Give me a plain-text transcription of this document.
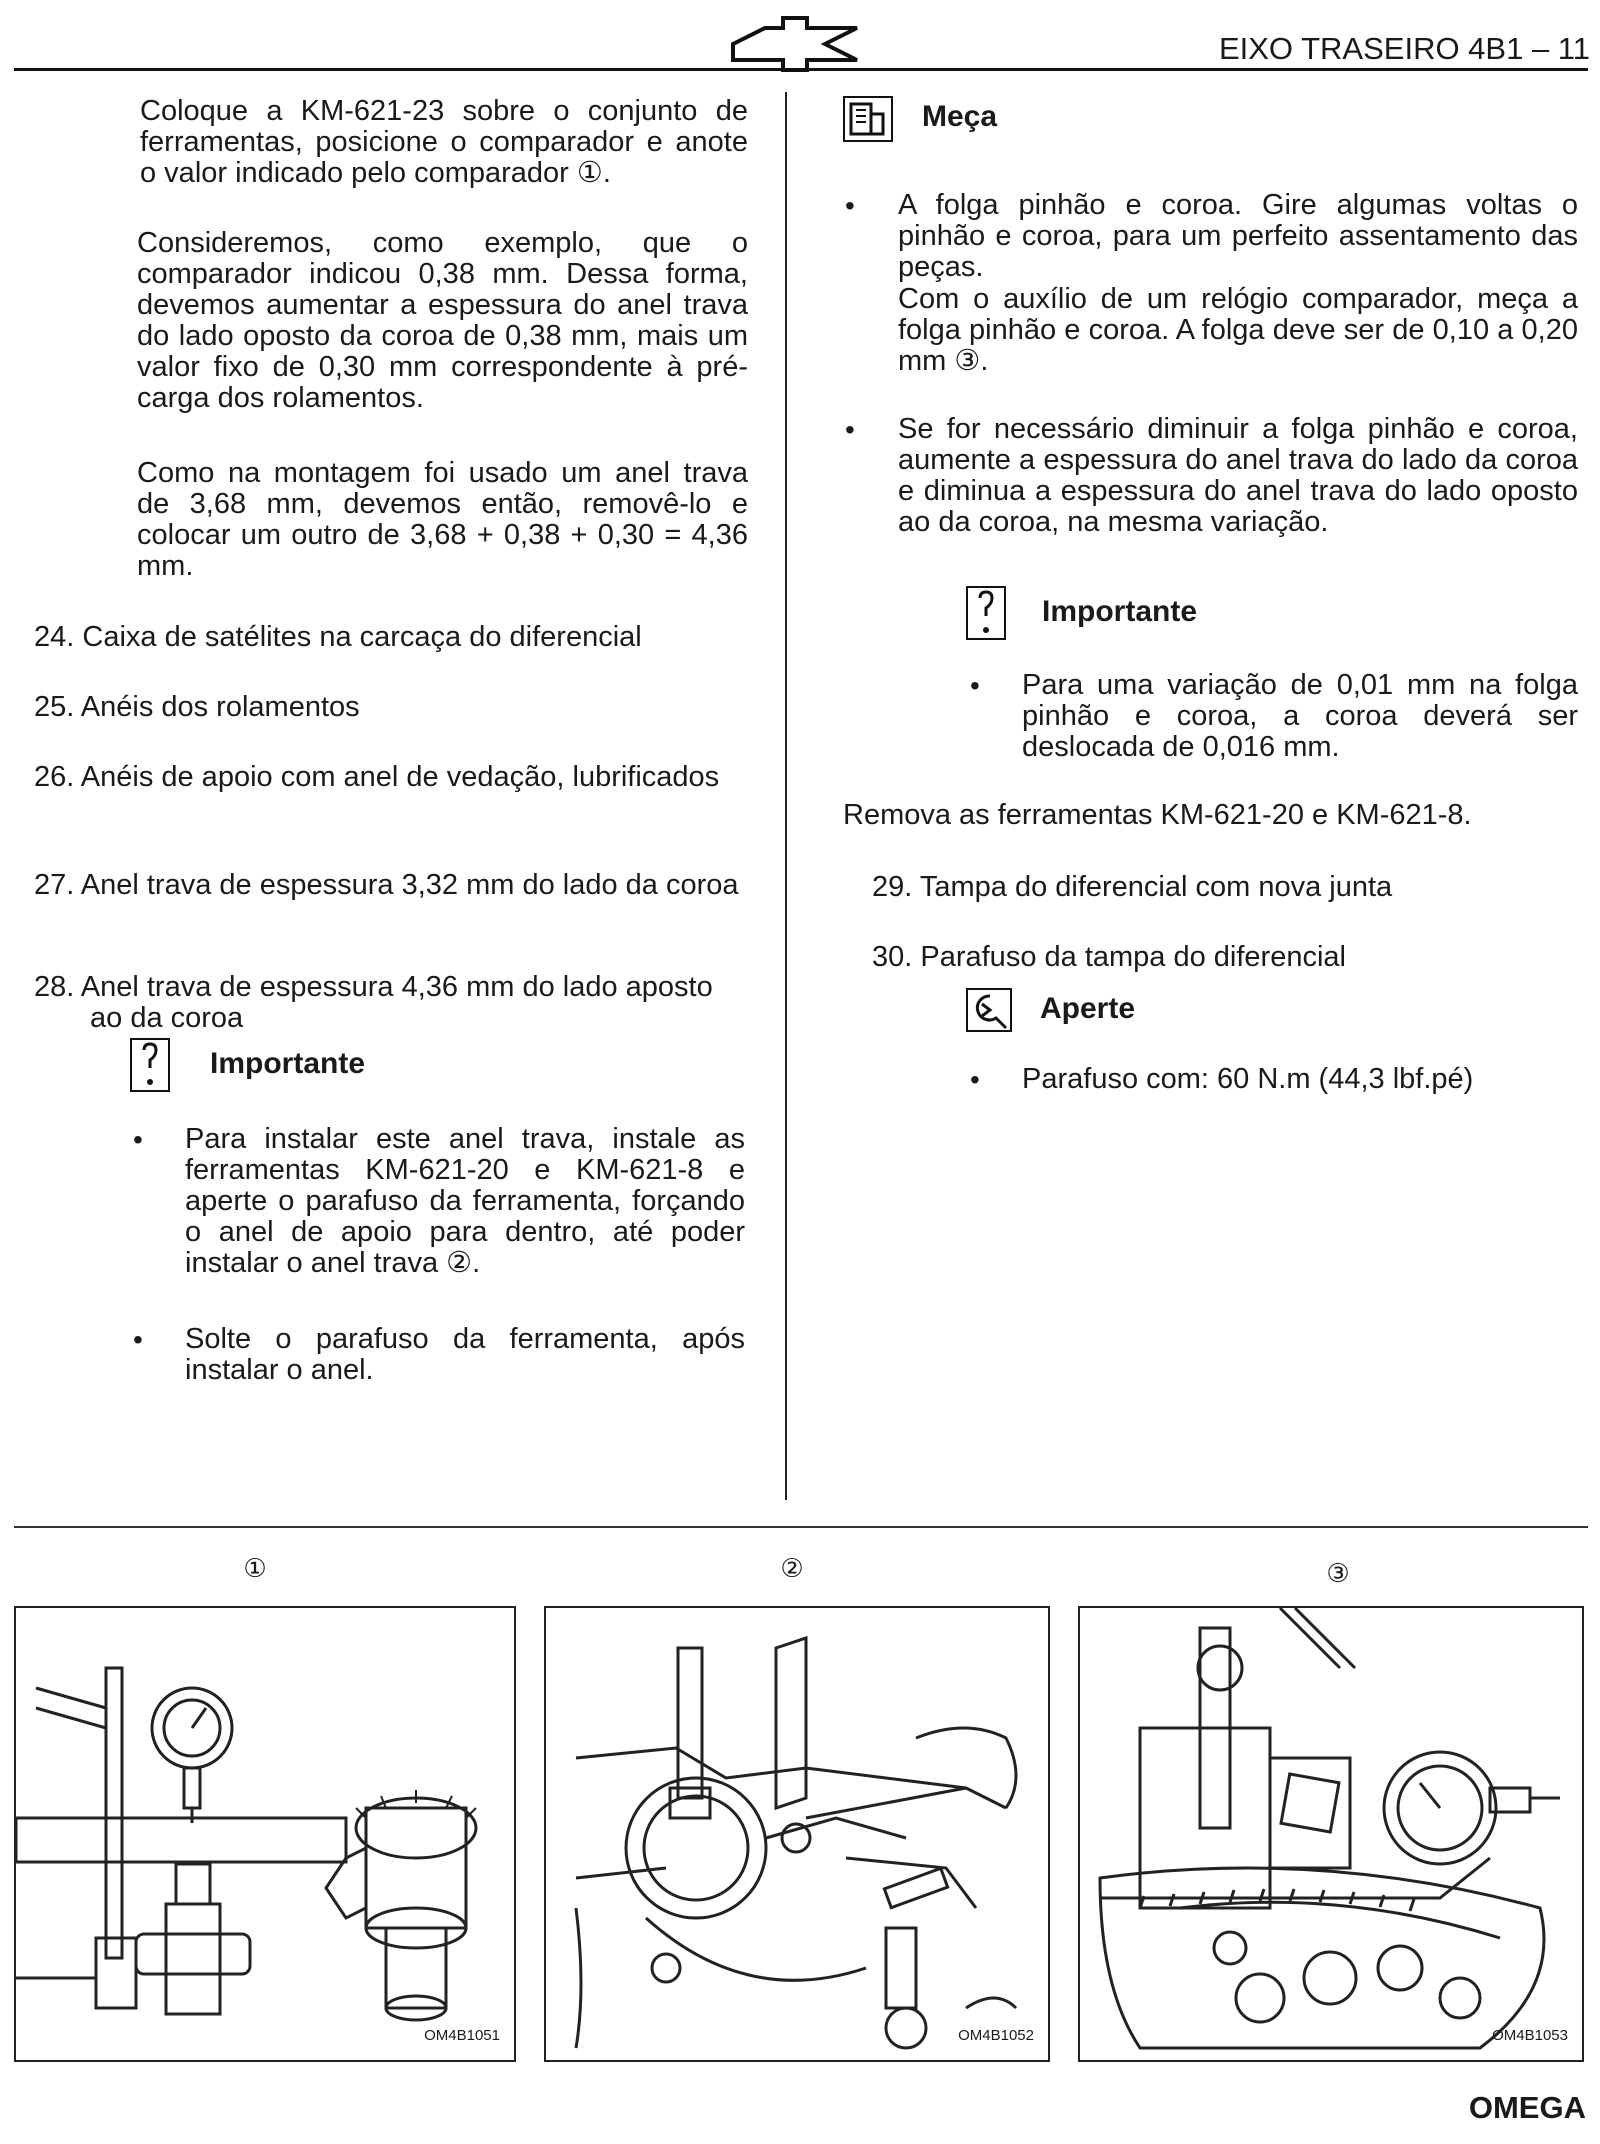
EIXO TRASEIRO 4B1 – 11
Coloque a KM-621-23 sobre o conjunto de ferramentas, posicione o comparador e anote o valor indicado pelo comparador ①.
Consideremos, como exemplo, que o comparador indicou 0,38 mm. Dessa forma, devemos aumentar a espessura do anel trava do lado oposto da coroa de 0,38 mm, mais um valor fixo de 0,30 mm correspondente à pré-carga dos rolamentos.
Como na montagem foi usado um anel trava de 3,68 mm, devemos então, removê-lo e colocar um outro de 3,68 + 0,38 + 0,30 = 4,36 mm.
24. Caixa de satélites na carcaça do diferencial
25. Anéis dos rolamentos
26. Anéis de apoio com anel de vedação, lubrificados
27. Anel trava de espessura 3,32 mm do lado da coroa
28. Anel trava de espessura 4,36 mm do lado aposto ao da coroa
Importante
•	Para instalar este anel trava, instale as ferramentas KM-621-20 e KM-621-8 e aperte o parafuso da ferramenta, forçando o anel de apoio para dentro, até poder instalar o anel trava ②.
•	Solte o parafuso da ferramenta, após instalar o anel.
Meça
•	A folga pinhão e coroa. Gire algumas voltas o pinhão e coroa, para um perfeito assentamento das peças.
Com o auxílio de um relógio comparador, meça a folga pinhão e coroa. A folga deve ser de 0,10 a 0,20 mm ③.
•	Se for necessário diminuir a folga pinhão e coroa, aumente a espessura do anel trava do lado da coroa e diminua a espessura do anel trava do lado oposto ao da coroa, na mesma variação.
Importante
•	Para uma variação de 0,01 mm na folga pinhão e coroa, a coroa deverá ser deslocada de 0,016 mm.
Remova as ferramentas KM-621-20 e KM-621-8.
29. Tampa do diferencial com nova junta
30. Parafuso da tampa do diferencial
Aperte
•	Parafuso com: 60 N.m (44,3 lbf.pé)
①	②	③
OM4B1051	OM4B1052	OM4B1053
OMEGA
